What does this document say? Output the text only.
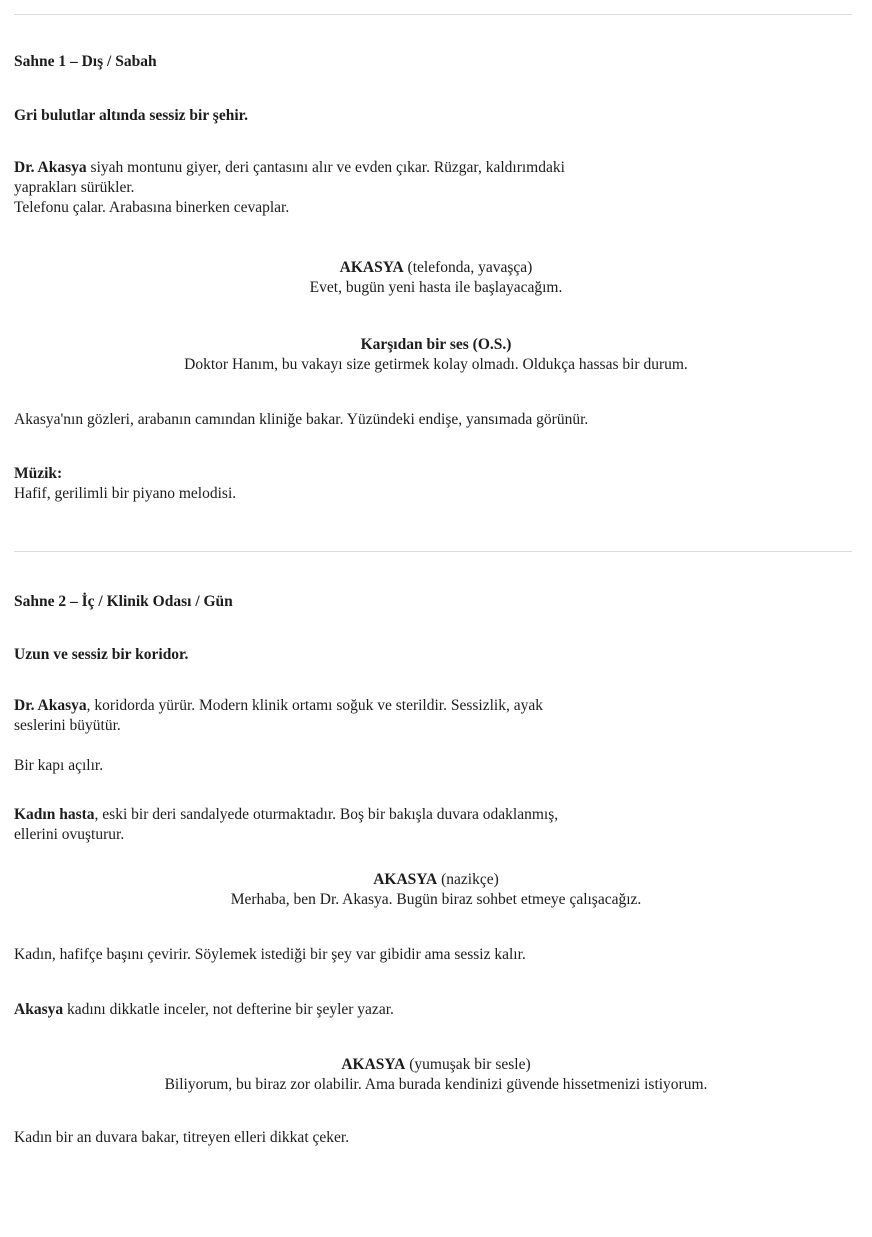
Sahne 1 – Dış / Sabah
Gri bulutlar altında sessiz bir şehir.
Dr. Akasya siyah montunu giyer, deri çantasını alır ve evden çıkar. Rüzgar, kaldırımdaki
yaprakları sürükler.
Telefonu çalar. Arabasına binerken cevaplar.
AKASYA (telefonda, yavaşça)
Evet, bugün yeni hasta ile başlayacağım.
Karşıdan bir ses (O.S.)
Doktor Hanım, bu vakayı size getirmek kolay olmadı. Oldukça hassas bir durum.
Akasya'nın gözleri, arabanın camından kliniğe bakar. Yüzündeki endişe, yansımada görünür.
Müzik:
Hafif, gerilimli bir piyano melodisi.
Sahne 2 – İç / Klinik Odası / Gün
Uzun ve sessiz bir koridor.
Dr. Akasya, koridorda yürür. Modern klinik ortamı soğuk ve sterildir. Sessizlik, ayak
seslerini büyütür.
Bir kapı açılır.
Kadın hasta, eski bir deri sandalyede oturmaktadır. Boş bir bakışla duvara odaklanmış,
ellerini ovuşturur.
AKASYA (nazikçe)
Merhaba, ben Dr. Akasya. Bugün biraz sohbet etmeye çalışacağız.
Kadın, hafifçe başını çevirir. Söylemek istediği bir şey var gibidir ama sessiz kalır.
Akasya kadını dikkatle inceler, not defterine bir şeyler yazar.
AKASYA (yumuşak bir sesle)
Biliyorum, bu biraz zor olabilir. Ama burada kendinizi güvende hissetmenizi istiyorum.
Kadın bir an duvara bakar, titreyen elleri dikkat çeker.
